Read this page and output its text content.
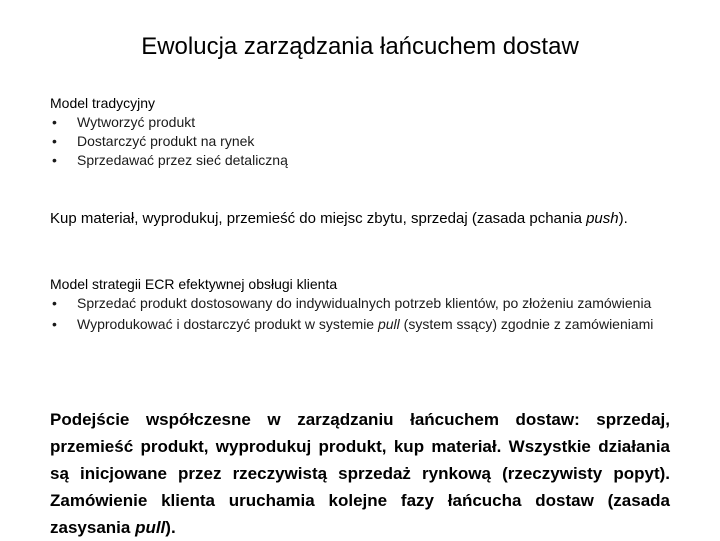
Ewolucja zarządzania łańcuchem dostaw

Model tradycyjny

• Wytworzyć produkt
• Dostarczyć produkt na rynek
• Sprzedawać przez sieć detaliczną

Kup materiał, wyprodukuj, przemieść do miejsc zbytu, sprzedaj (zasada pchania push).

Model strategii ECR efektywnej obsługi klienta

• Sprzedać produkt dostosowany do indywidualnych potrzeb klientów, po złożeniu zamówienia
• Wyprodukować i dostarczyć produkt w systemie pull (system ssący) zgodnie z zamówieniami

Podejście współczesne w zarządzaniu łańcuchem dostaw: sprzedaj, przemieść produkt, wyprodukuj produkt, kup materiał. Wszystkie działania są inicjowane przez rzeczywistą sprzedaż rynkową (rzeczywisty popyt). Zamówienie klienta uruchamia kolejne fazy łańcucha dostaw (zasada zasysania pull).
